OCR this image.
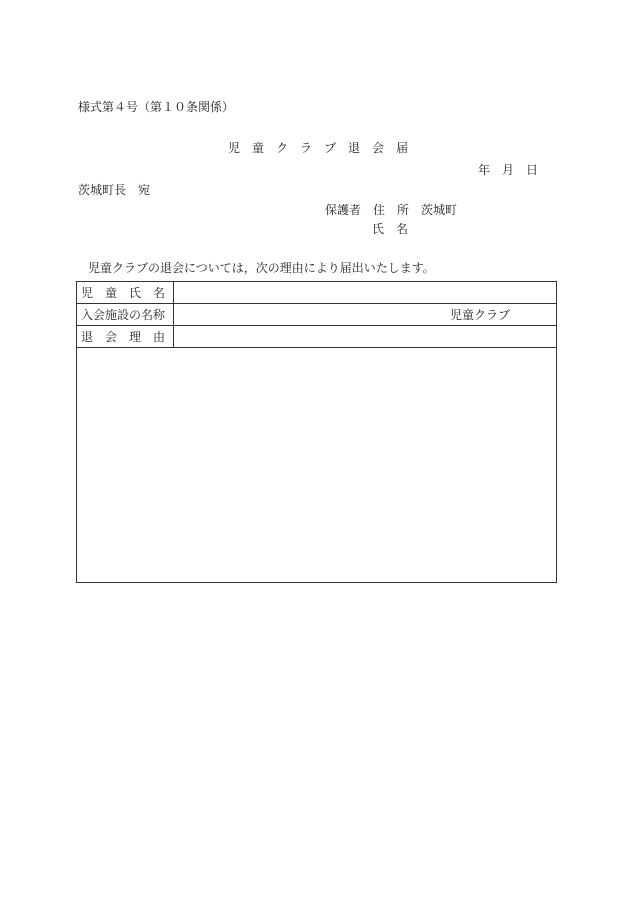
様式第４号（第１０条関係）
児　童　ク　ラ　ブ　退　会　届
年　月　日
茨城町長　宛
保護者　住　所　茨城町
氏　名
児童クラブの退会については，次の理由により届出いたします。
児　童　氏　名	
入会施設の名称	児童クラブ
退　会　理　由	
